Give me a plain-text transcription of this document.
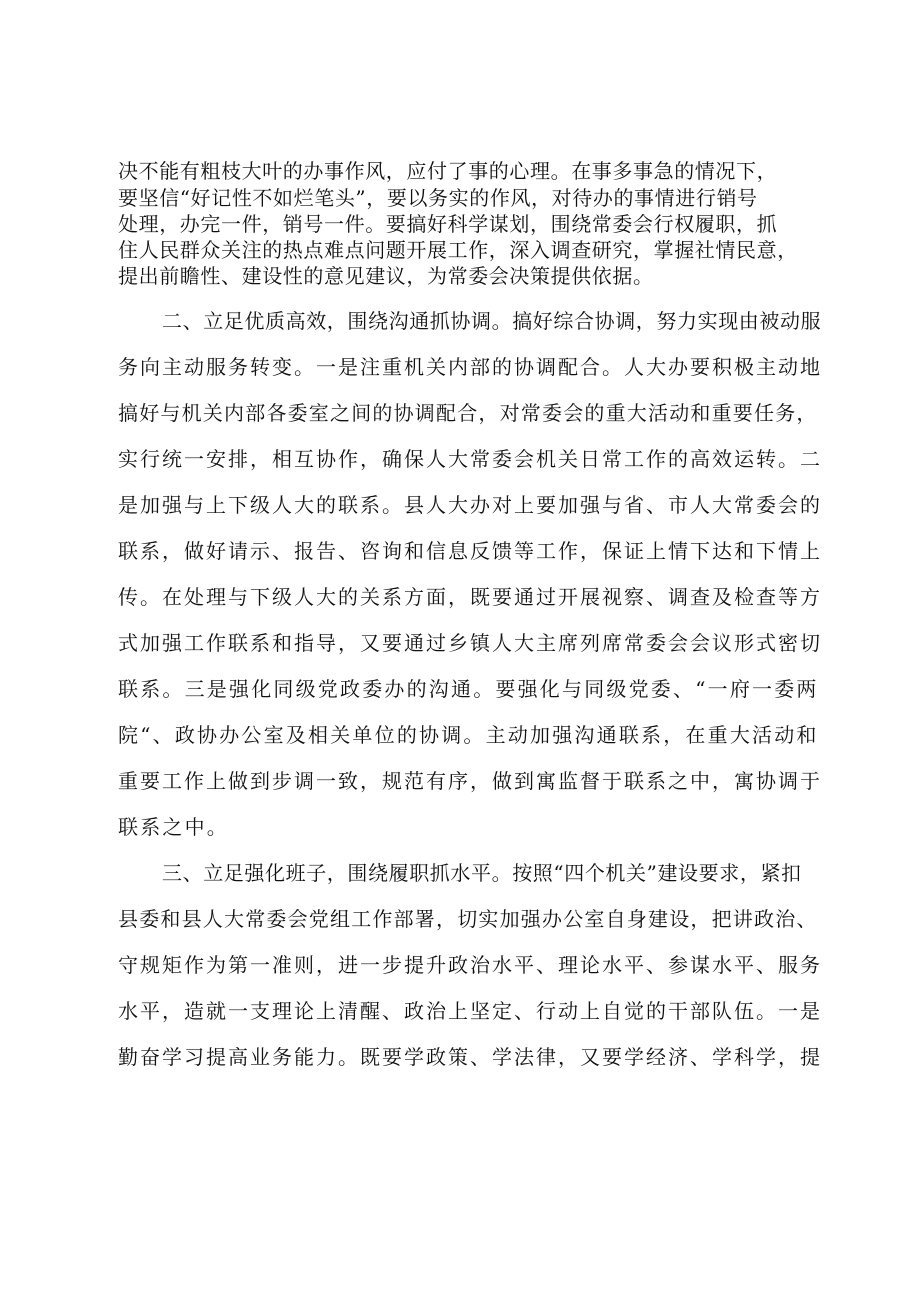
决不能有粗枝大叶的办事作风，应付了事的心理。在事多事急的情况下，
要坚信“好记性不如烂笔头”，要以务实的作风，对待办的事情进行销号
处理，办完一件，销号一件。要搞好科学谋划，围绕常委会行权履职，抓
住人民群众关注的热点难点问题开展工作，深入调查研究，掌握社情民意，
提出前瞻性、建设性的意见建议，为常委会决策提供依据。
二、立足优质高效，围绕沟通抓协调。搞好综合协调，努力实现由被动服
务向主动服务转变。一是注重机关内部的协调配合。人大办要积极主动地
搞好与机关内部各委室之间的协调配合，对常委会的重大活动和重要任务，
实行统一安排，相互协作，确保人大常委会机关日常工作的高效运转。二
是加强与上下级人大的联系。县人大办对上要加强与省、市人大常委会的
联系，做好请示、报告、咨询和信息反馈等工作，保证上情下达和下情上
传。在处理与下级人大的关系方面，既要通过开展视察、调查及检查等方
式加强工作联系和指导，又要通过乡镇人大主席列席常委会会议形式密切
联系。三是强化同级党政委办的沟通。要强化与同级党委、“一府一委两
院“、政协办公室及相关单位的协调。主动加强沟通联系，在重大活动和
重要工作上做到步调一致，规范有序，做到寓监督于联系之中，寓协调于
联系之中。
三、立足强化班子，围绕履职抓水平。按照“四个机关”建设要求，紧扣
县委和县人大常委会党组工作部署，切实加强办公室自身建设，把讲政治、
守规矩作为第一准则，进一步提升政治水平、理论水平、参谋水平、服务
水平，造就一支理论上清醒、政治上坚定、行动上自觉的干部队伍。一是
勤奋学习提高业务能力。既要学政策、学法律，又要学经济、学科学，提
